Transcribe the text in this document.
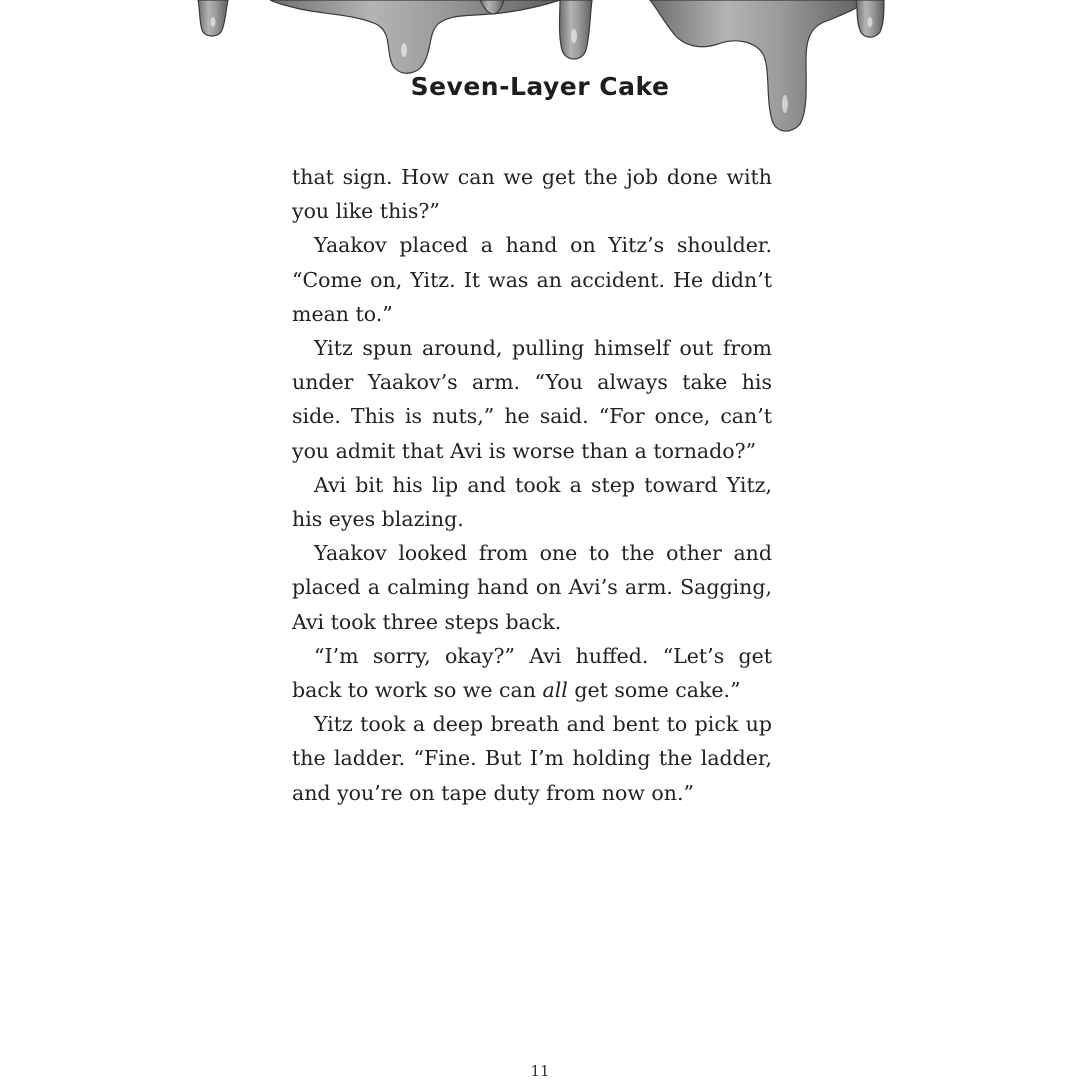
Seven-Layer Cake

that sign. How can we get the job done with you like this?”

Yaakov placed a hand on Yitz’s shoulder. “Come on, Yitz. It was an accident. He didn’t mean to.”

Yitz spun around, pulling himself out from under Yaakov’s arm. “You always take his side. This is nuts,” he said. “For once, can’t you admit that Avi is worse than a tornado?”

Avi bit his lip and took a step toward Yitz, his eyes blazing.

Yaakov looked from one to the other and placed a calming hand on Avi’s arm. Sagging, Avi took three steps back.

“I’m sorry, okay?” Avi huffed. “Let’s get back to work so we can all get some cake.”

Yitz took a deep breath and bent to pick up the ladder. “Fine. But I’m holding the ladder, and you’re on tape duty from now on.”

11
